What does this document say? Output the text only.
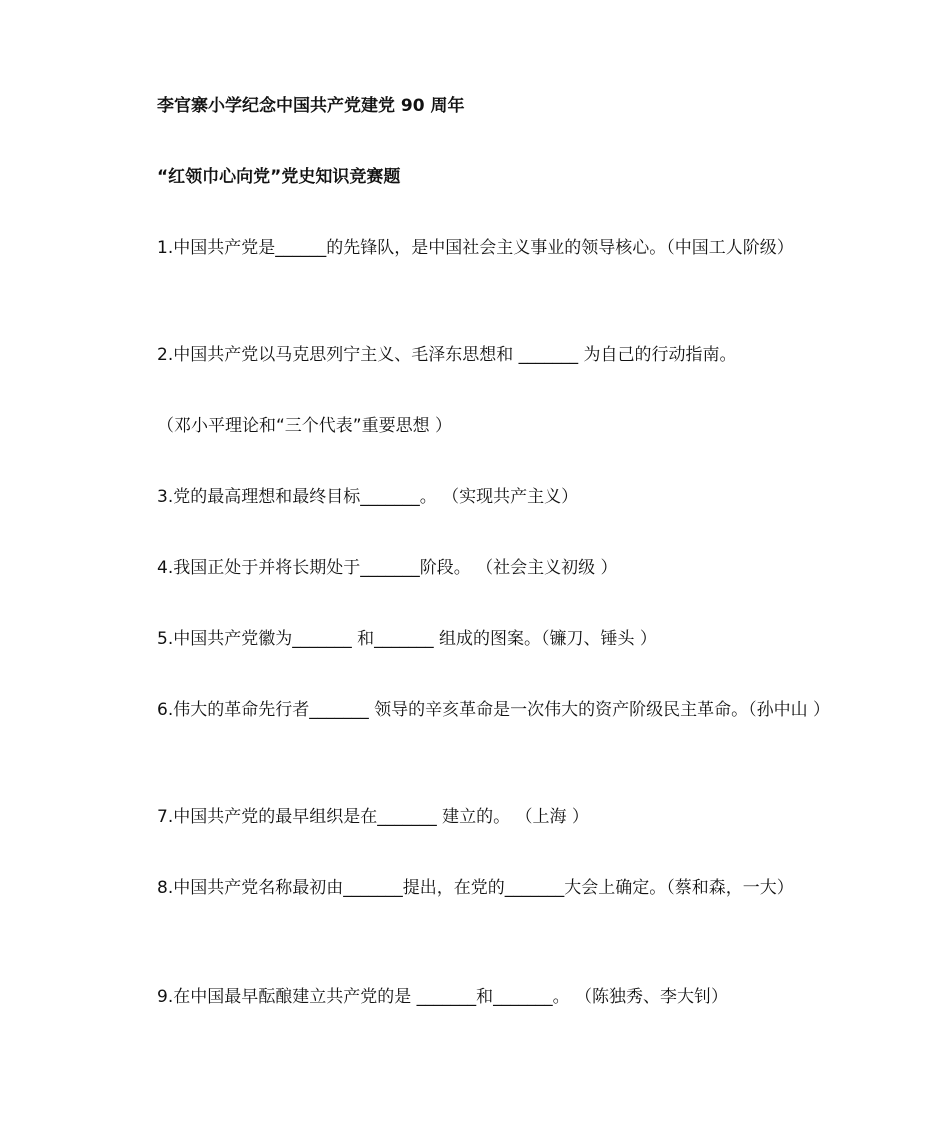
李官寨小学纪念中国共产党建党 90 周年
“红领巾心向党”党史知识竞赛题
1.中国共产党是______的先锋队，是中国社会主义事业的领导核心。（中国工人阶级）
2.中国共产党以马克思列宁主义、毛泽东思想和 _______ 为自己的行动指南。
（邓小平理论和“三个代表”重要思想 ）
3.党的最高理想和最终目标_______。 （实现共产主义）
4.我国正处于并将长期处于_______阶段。 （社会主义初级 ）
5.中国共产党徽为_______ 和_______ 组成的图案。（镰刀、锤头 ）
6.伟大的革命先行者_______ 领导的辛亥革命是一次伟大的资产阶级民主革命。（孙中山 ）
7.中国共产党的最早组织是在_______ 建立的。 （上海 ）
8.中国共产党名称最初由_______提出，在党的_______大会上确定。（蔡和森，一大）
9.在中国最早酝酿建立共产党的是 _______和_______。 （陈独秀、李大钊）
